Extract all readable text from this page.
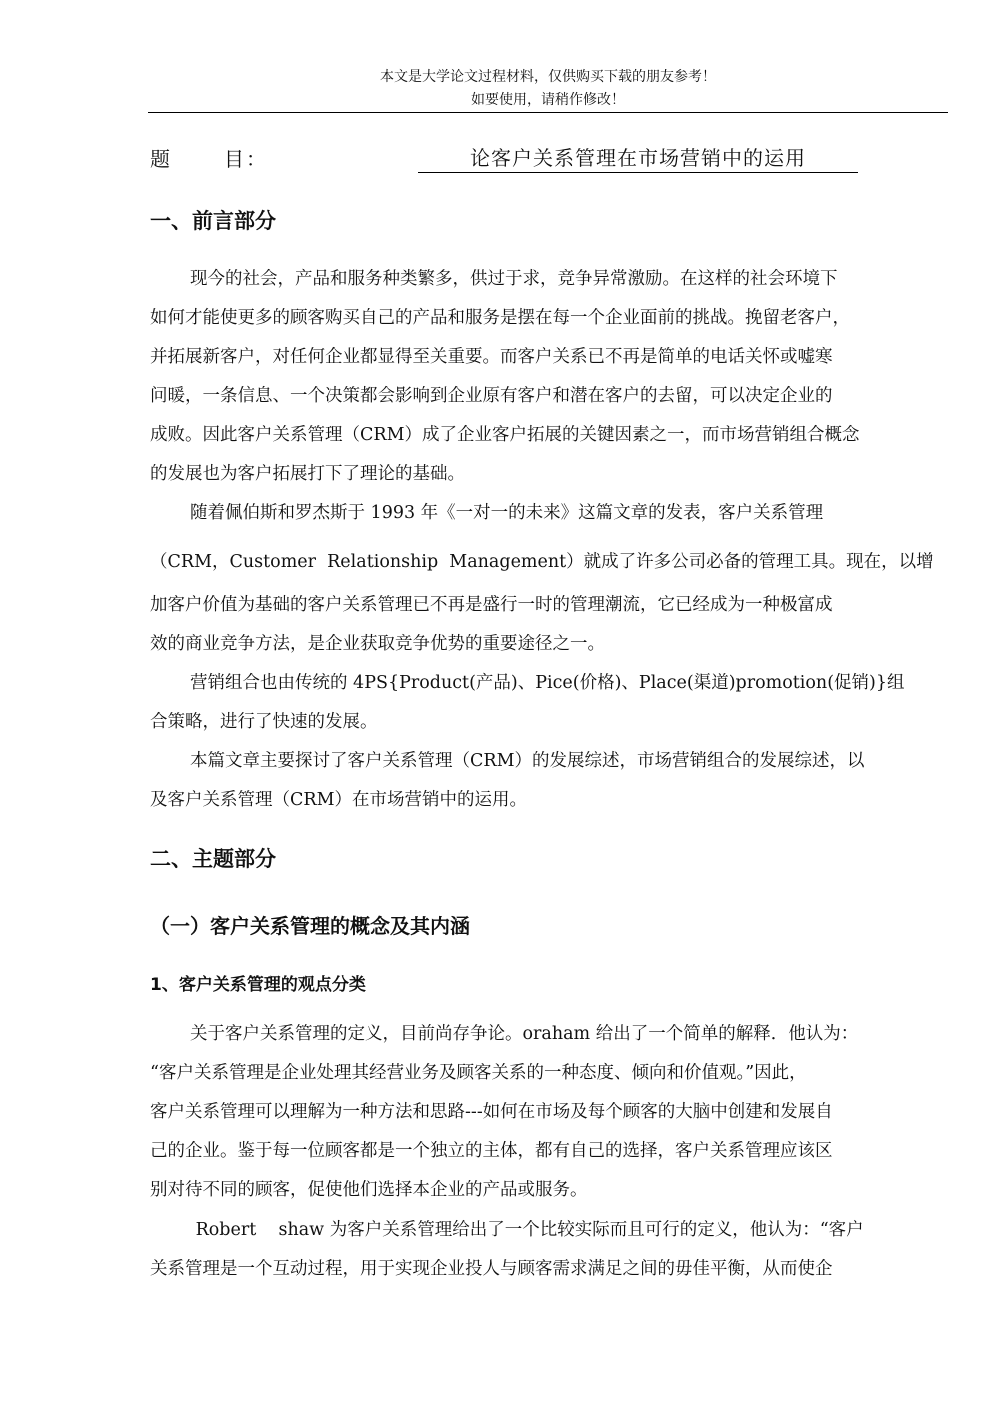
本文是大学论文过程材料，仅供购买下载的朋友参考！
如要使用，请稍作修改！
题	目：	论客户关系管理在市场营销中的运用
一、前言部分
现今的社会，产品和服务种类繁多，供过于求，竞争异常激励。在这样的社会环境下
如何才能使更多的顾客购买自己的产品和服务是摆在每一个企业面前的挑战。挽留老客户，
并拓展新客户，对任何企业都显得至关重要。而客户关系已不再是简单的电话关怀或嘘寒
问暖，一条信息、一个决策都会影响到企业原有客户和潜在客户的去留，可以决定企业的
成败。因此客户关系管理（CRM）成了企业客户拓展的关键因素之一，而市场营销组合概念
的发展也为客户拓展打下了理论的基础。
随着佩伯斯和罗杰斯于 1993 年《一对一的未来》这篇文章的发表，客户关系管理
（CRM，Customer  Relationship  Management）就成了许多公司必备的管理工具。现在，以增
加客户价值为基础的客户关系管理已不再是盛行一时的管理潮流，它已经成为一种极富成
效的商业竞争方法，是企业获取竞争优势的重要途径之一。
营销组合也由传统的 4PS{Product(产品)、Pice(价格)、Place(渠道)promotion(促销)}组
合策略，进行了快速的发展。
本篇文章主要探讨了客户关系管理（CRM）的发展综述，市场营销组合的发展综述，以
及客户关系管理（CRM）在市场营销中的运用。
二、主题部分
（一）客户关系管理的概念及其内涵
1、客户关系管理的观点分类
关于客户关系管理的定义，目前尚存争论。oraham 给出了一个简单的解释．他认为：
“客户关系管理是企业处理其经营业务及顾客关系的一种态度、倾向和价值观。”因此，
客户关系管理可以理解为一种方法和思路---如何在市场及每个顾客的大脑中创建和发展自
己的企业。鉴于每一位顾客都是一个独立的主体，都有自己的选择，客户关系管理应该区
别对待不同的顾客，促使他们选择本企业的产品或服务。
Robert    shaw 为客户关系管理给出了一个比较实际而且可行的定义，他认为：“客户
关系管理是一个互动过程，用于实现企业投人与顾客需求满足之间的毋佳平衡，从而使企
